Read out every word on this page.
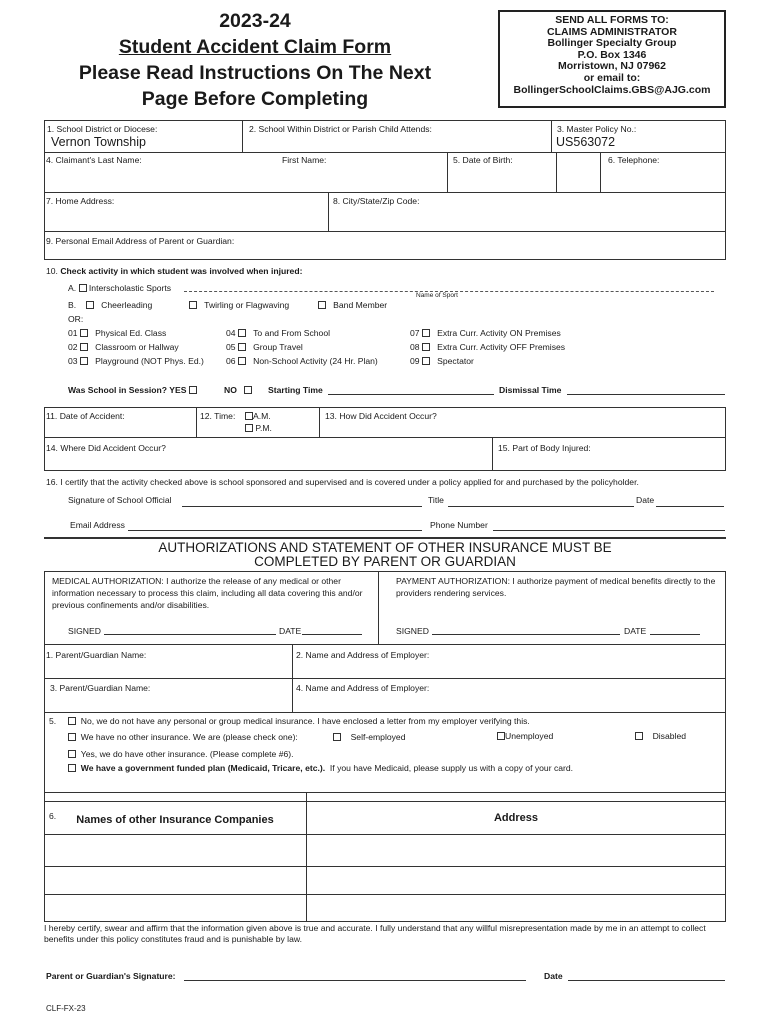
2023-24
Student Accident Claim Form
Please Read Instructions On The Next
Page Before Completing
SEND ALL FORMS TO:
CLAIMS ADMINISTRATOR
Bollinger Specialty Group
P.O. Box 1346
Morristown, NJ 07962
or email to:
BollingerSchoolClaims.GBS@AJG.com
1. School District or Diocese:
Vernon Township
2. School Within District or Parish Child Attends:	3. Master Policy No.:
US563072
4. Claimant's Last Name:	First Name:	5. Date of Birth:	6. Telephone:
7. Home Address:	8. City/State/Zip Code:
9. Personal Email Address of Parent or Guardian:
10. Check activity in which student was involved when injured:
A. Interscholastic Sports
Name of Sport
B.	Cheerleading	Twirling or Flagwaving	Band Member
OR:
01 Physical Ed. Class
02 Classroom or Hallway
03 Playground (NOT Phys. Ed.)
04 To and From School
05 Group Travel
06 Non-School Activity (24 Hr. Plan)
07 Extra Curr. Activity ON Premises
08 Extra Curr. Activity OFF Premises
09 Spectator
Was School in Session? YES	NO	Starting Time	Dismissal Time
11. Date of Accident:	12. Time:	A.M.
P.M.
13. How Did Accident Occur?
14. Where Did Accident Occur?	15. Part of Body Injured:
16. I certify that the activity checked above is school sponsored and supervised and is covered under a policy applied for and purchased by the policyholder.
Signature of School Official	Title	Date
Email Address	Phone Number
AUTHORIZATIONS AND STATEMENT OF OTHER INSURANCE MUST BE
COMPLETED BY PARENT OR GUARDIAN
MEDICAL AUTHORIZATION: I authorize the release of any medical or other information necessary to process this claim, including all data covering this and/or previous confinements and/or disabilities.
PAYMENT AUTHORIZATION: I authorize payment of medical benefits directly to the providers rendering services.
SIGNED	DATE	SIGNED	DATE
1. Parent/Guardian Name:	2. Name and Address of Employer:
3. Parent/Guardian Name:	4. Name and Address of Employer:
5.	No, we do not have any personal or group medical insurance. I have enclosed a letter from my employer verifying this.
We have no other insurance. We are (please check one):	Self-employed	Unemployed	Disabled
Yes, we do have other insurance. (Please complete #6).
We have a government funded plan (Medicaid, Tricare, etc.). If you have Medicaid, please supply us with a copy of your card.
6.	Names of other Insurance Companies	Address
I hereby certify, swear and affirm that the information given above is true and accurate. I fully understand that any willful misrepresentation made by me in an attempt to collect benefits under this policy constitutes fraud and is punishable by law.
Parent or Guardian's Signature:	Date
CLF-FX-23
